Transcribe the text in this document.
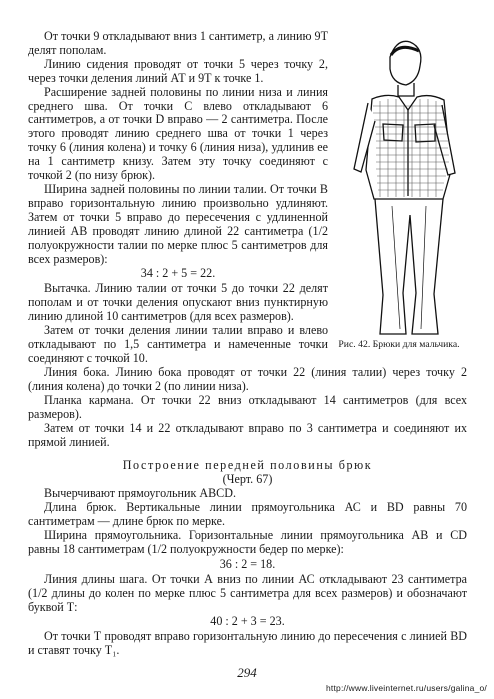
От точки 9 откладывают вниз 1 сантиметр, а линию 9Т делят пополам.

Линию сидения проводят от точки 5 через точку 2, через точки деления линий АТ и 9Т к точке 1.

Расширение задней половины по линии низа и линия среднего шва. От точки С влево откладывают 6 сантиметров, а от точки D вправо — 2 сантиметра. После этого проводят линию среднего шва от точки 1 через точку 6 (линия колена) и точку 6 (линия низа), удлинив ее на 1 сантиметр книзу. Затем эту точку соединяют с точкой 2 (по низу брюк).

Ширина задней половины по линии талии. От точки В вправо горизонтальную линию произвольно удлиняют. Затем от точки 5 вправо до пересечения с удлиненной линией АВ проводят линию длиной 22 сантиметра (1/2 полуокружности талии по мерке плюс 5 сантиметров для всех размеров):

34 : 2 + 5 = 22.

Вытачка. Линию талии от точки 5 до точки 22 делят пополам и от точки деления опускают вниз пунктирную линию длиной 10 сантиметров (для всех размеров).

Затем от точки деления линии талии вправо и влево откладывают по 1,5 сантиметра и намеченные точки соединяют с точкой 10.

Рис. 42. Брюки для мальчика.

Линия бока. Линию бока проводят от точки 22 (линия талии) через точку 2 (линия колена) до точки 2 (по линии низа).

Планка кармана. От точки 22 вниз откладывают 14 сантиметров (для всех размеров).

Затем от точки 14 и 22 откладывают вправо по 3 сантиметра и соединяют их прямой линией.

Построение передней половины брюк

(Черт. 67)

Вычерчивают прямоугольник ABCD.

Длина брюк. Вертикальные линии прямоугольника АС и BD равны 70 сантиметрам — длине брюк по мерке.

Ширина прямоугольника. Горизонтальные линии прямоугольника АВ и CD равны 18 сантиметрам (1/2 полуокружности бедер по мерке):

36 : 2 = 18.

Линия длины шага. От точки А вниз по линии АС откладывают 23 сантиметра (1/2 длины до колен по мерке плюс 5 сантиметра для всех размеров) и обозначают буквой Т:

40 : 2 + 3 = 23.

От точки Т проводят вправо горизонтальную линию до пересечения с линией BD и ставят точку Т₁.

294
http://www.liveinternet.ru/users/galina_o/
